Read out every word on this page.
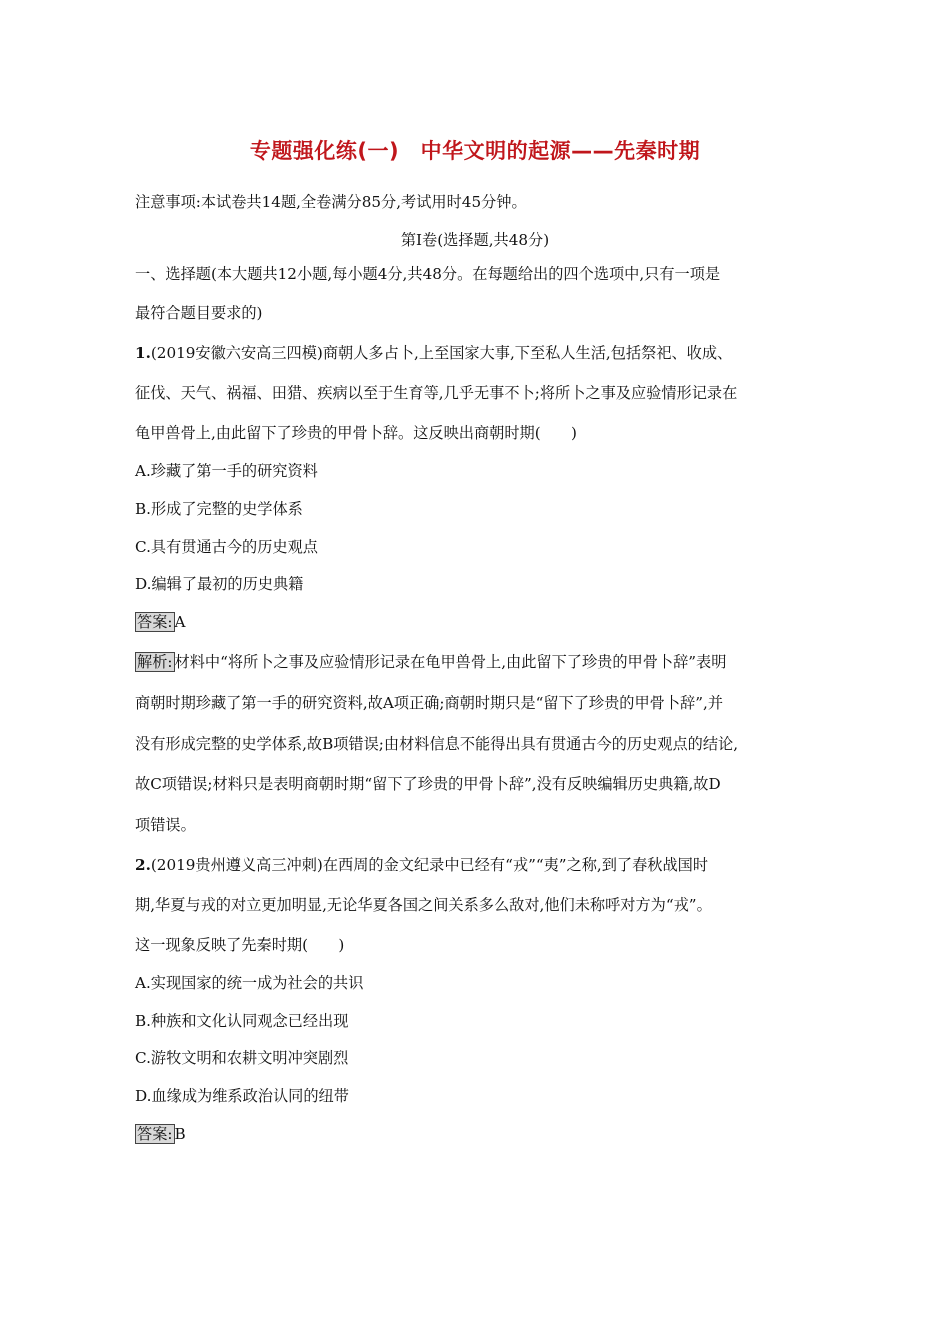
专题强化练(一)　中华文明的起源——先秦时期
注意事项:本试卷共14题,全卷满分85分,考试用时45分钟。
第Ⅰ卷(选择题,共48分)
一、选择题(本大题共12小题,每小题4分,共48分。在每题给出的四个选项中,只有一项是
最符合题目要求的)
1.(2019安徽六安高三四模)商朝人多占卜,上至国家大事,下至私人生活,包括祭祀、收成、
征伐、天气、祸福、田猎、疾病以至于生育等,几乎无事不卜;将所卜之事及应验情形记录在
龟甲兽骨上,由此留下了珍贵的甲骨卜辞。这反映出商朝时期(　　)
A.珍藏了第一手的研究资料
B.形成了完整的史学体系
C.具有贯通古今的历史观点
D.编辑了最初的历史典籍
答案: A
解析: 材料中“将所卜之事及应验情形记录在龟甲兽骨上,由此留下了珍贵的甲骨卜辞”表明
商朝时期珍藏了第一手的研究资料,故A项正确;商朝时期只是“留下了珍贵的甲骨卜辞”,并
没有形成完整的史学体系,故B项错误;由材料信息不能得出具有贯通古今的历史观点的结论,
故C项错误;材料只是表明商朝时期“留下了珍贵的甲骨卜辞”,没有反映编辑历史典籍,故D
项错误。
2.(2019贵州遵义高三冲刺)在西周的金文纪录中已经有“戎”“夷”之称,到了春秋战国时
期,华夏与戎的对立更加明显,无论华夏各国之间关系多么敌对,他们未称呼对方为“戎”。
这一现象反映了先秦时期(　　)
A.实现国家的统一成为社会的共识
B.种族和文化认同观念已经出现
C.游牧文明和农耕文明冲突剧烈
D.血缘成为维系政治认同的纽带
答案: B
